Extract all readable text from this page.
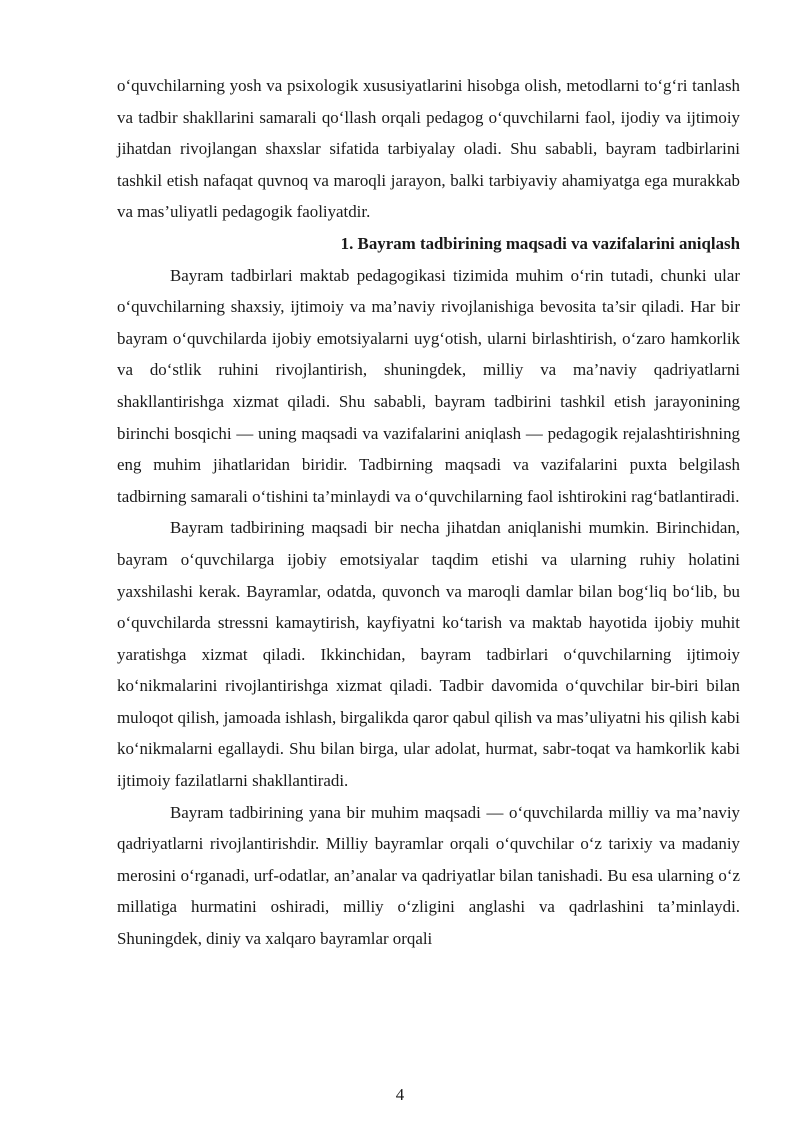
o‘quvchilarning yosh va psixologik xususiyatlarini hisobga olish, metodlarni to‘g‘ri tanlash va tadbir shakllarini samarali qo‘llash orqali pedagog o‘quvchilarni faol, ijodiy va ijtimoiy jihatdan rivojlangan shaxslar sifatida tarbiyalay oladi. Shu sababli, bayram tadbirlarini tashkil etish nafaqat quvnoq va maroqli jarayon, balki tarbiyaviy ahamiyatga ega murakkab va mas’uliyatli pedagogik faoliyatdir.

1. Bayram tadbirining maqsadi va vazifalarini aniqlash

Bayram tadbirlari maktab pedagogikasi tizimida muhim o‘rin tutadi, chunki ular o‘quvchilarning shaxsiy, ijtimoiy va ma’naviy rivojlanishiga bevosita ta’sir qiladi. Har bir bayram o‘quvchilarda ijobiy emotsiyalarni uyg‘otish, ularni birlashtirish, o‘zaro hamkorlik va do‘stlik ruhini rivojlantirish, shuningdek, milliy va ma’naviy qadriyatlarni shakllantirishga xizmat qiladi. Shu sababli, bayram tadbirini tashkil etish jarayonining birinchi bosqichi — uning maqsadi va vazifalarini aniqlash — pedagogik rejalashtirishning eng muhim jihatlaridan biridir. Tadbirning maqsadi va vazifalarini puxta belgilash tadbirning samarali o‘tishini ta’minlaydi va o‘quvchilarning faol ishtirokini rag‘batlantiradi.

Bayram tadbirining maqsadi bir necha jihatdan aniqlanishi mumkin. Birinchidan, bayram o‘quvchilarga ijobiy emotsiyalar taqdim etishi va ularning ruhiy holatini yaxshilashi kerak. Bayramlar, odatda, quvonch va maroqli damlar bilan bog‘liq bo‘lib, bu o‘quvchilarda stressni kamaytirish, kayfiyatni ko‘tarish va maktab hayotida ijobiy muhit yaratishga xizmat qiladi. Ikkinchidan, bayram tadbirlari o‘quvchilarning ijtimoiy ko‘nikmalarini rivojlantirishga xizmat qiladi. Tadbir davomida o‘quvchilar bir-biri bilan muloqot qilish, jamoada ishlash, birgalikda qaror qabul qilish va mas’uliyatni his qilish kabi ko‘nikmalarni egallaydi. Shu bilan birga, ular adolat, hurmat, sabr-toqat va hamkorlik kabi ijtimoiy fazilatlarni shakllantiradi.

Bayram tadbirining yana bir muhim maqsadi — o‘quvchilarda milliy va ma’naviy qadriyatlarni rivojlantirishdir. Milliy bayramlar orqali o‘quvchilar o‘z tarixiy va madaniy merosini o‘rganadi, urf-odatlar, an’analar va qadriyatlar bilan tanishadi. Bu esa ularning o‘z millatiga hurmatini oshiradi, milliy o‘zligini anglashi va qadrlashini ta’minlaydi. Shuningdek, diniy va xalqaro bayramlar orqali

4
